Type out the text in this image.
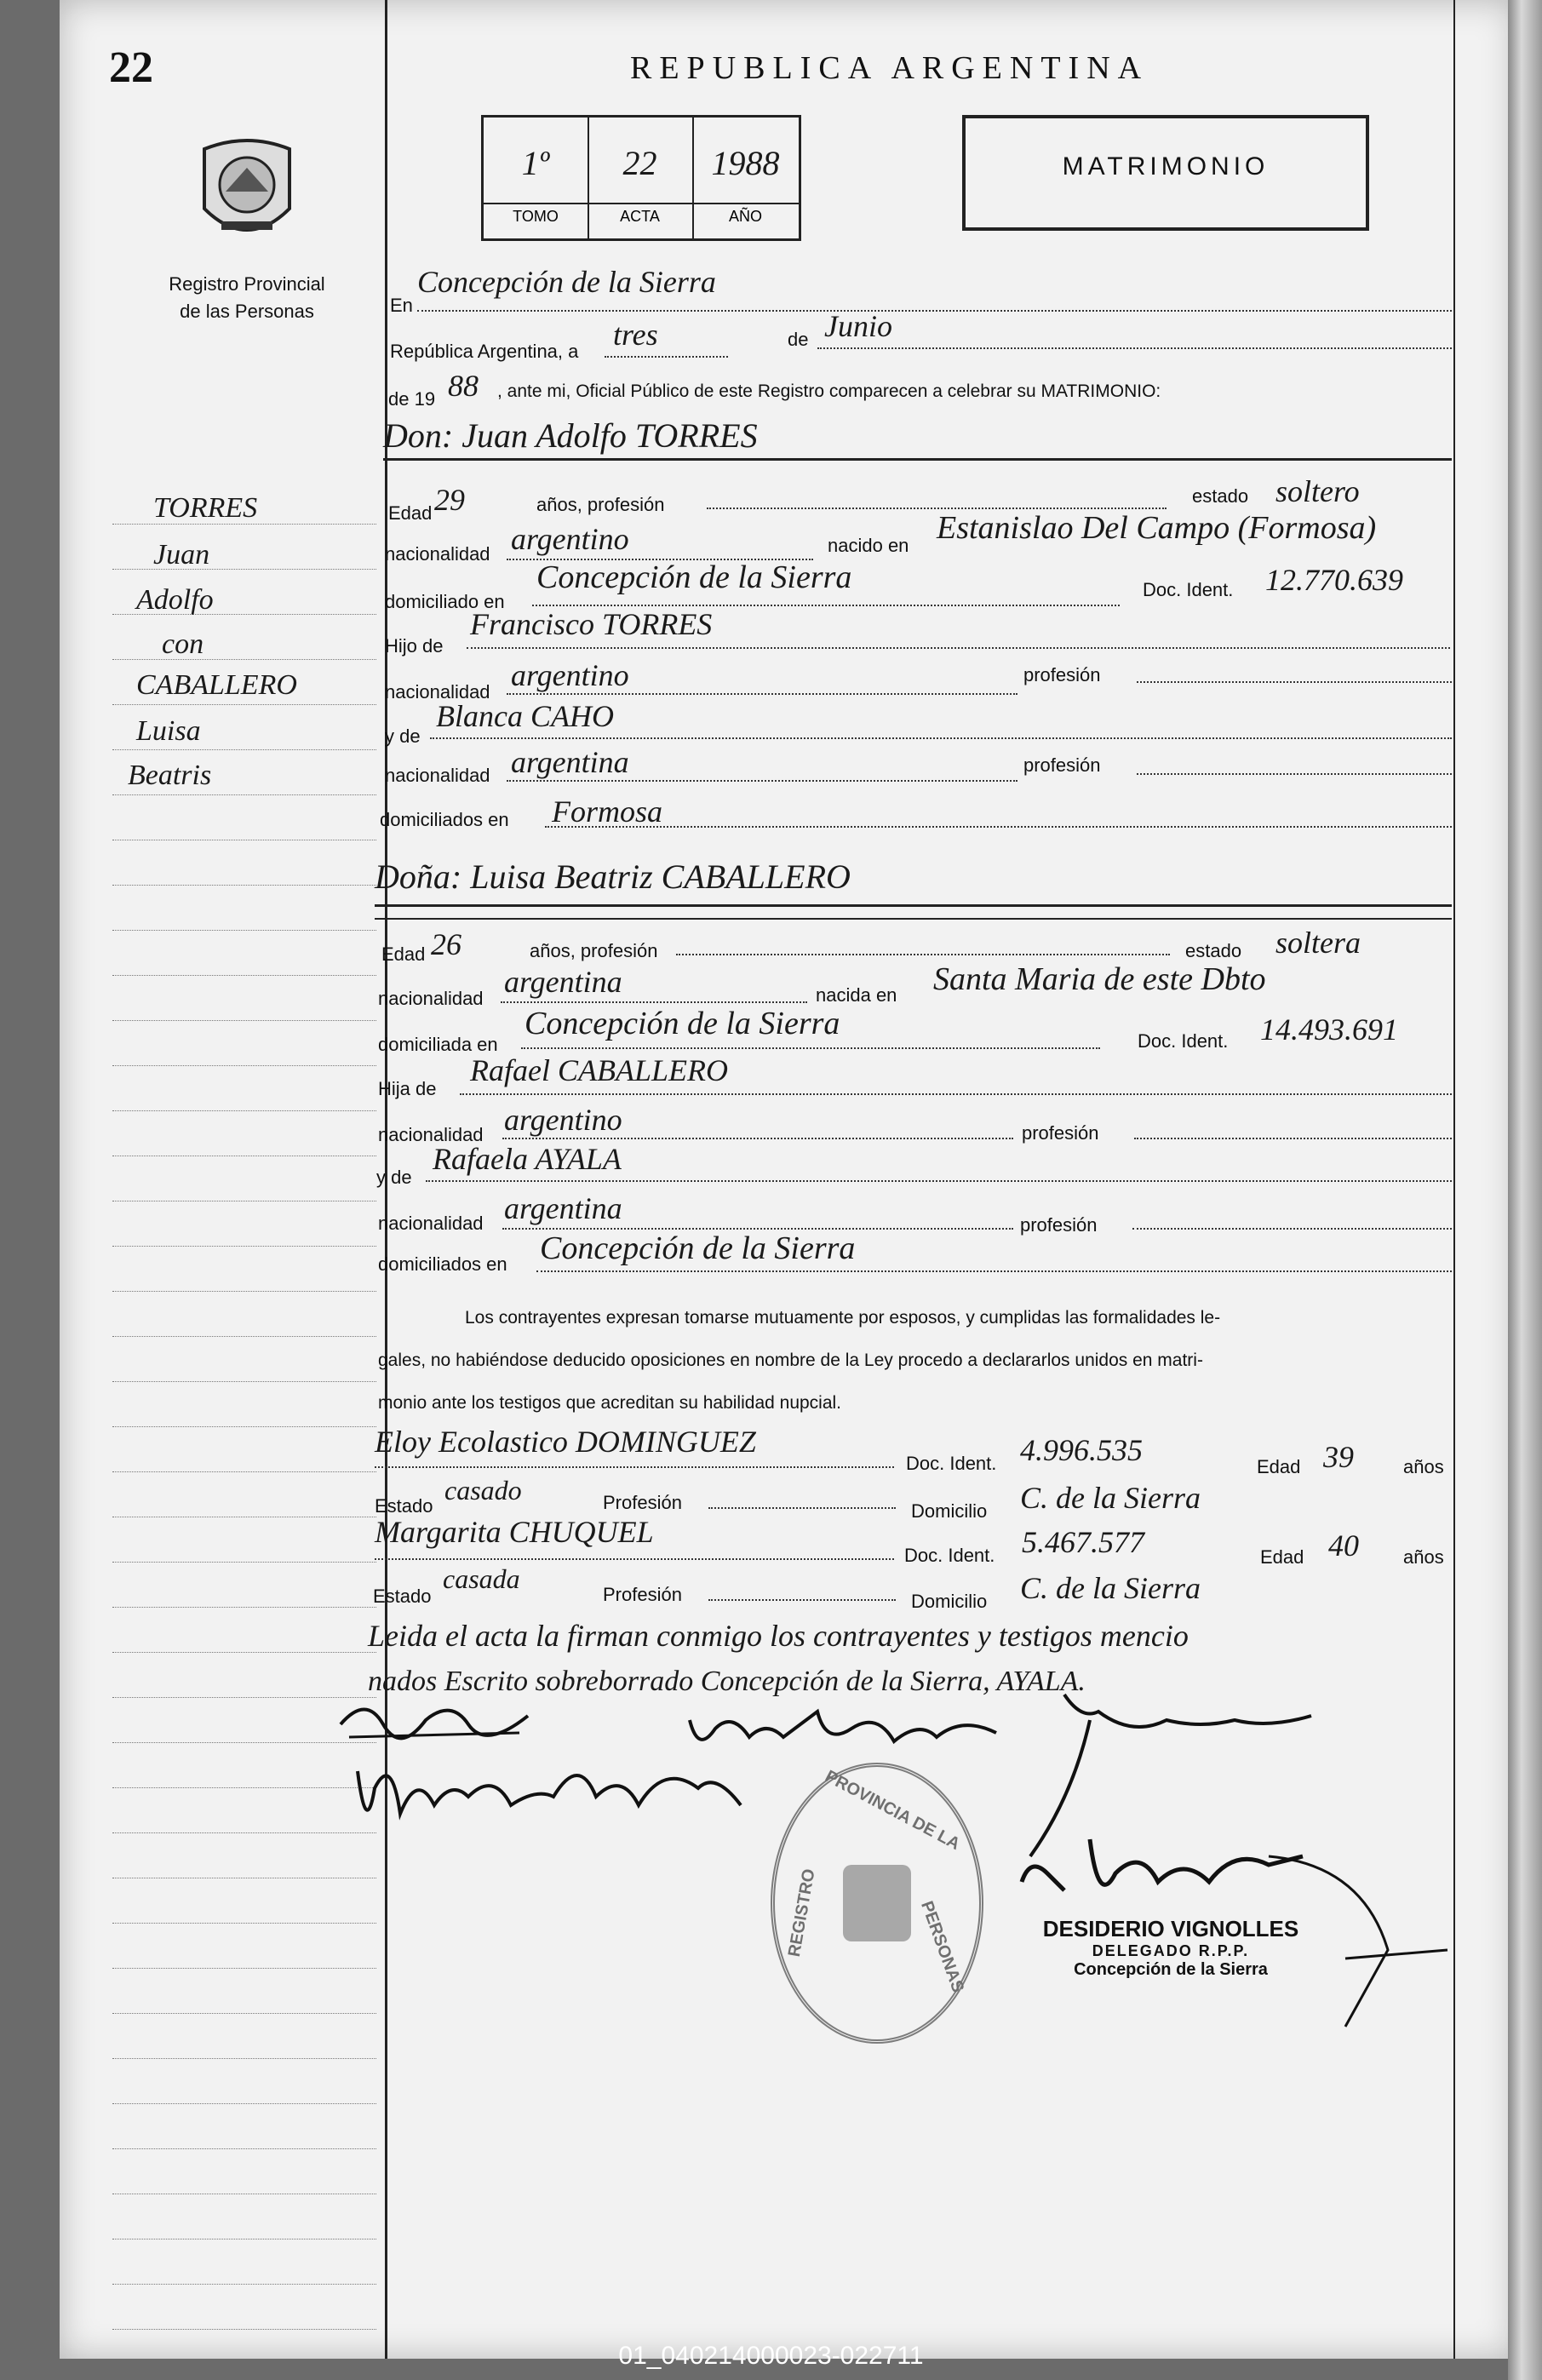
22
Registro Provincial
de las Personas
TORRES
Juan
Adolfo
con
CABALLERO
Luisa
Beatris
REPUBLICA ARGENTINA
1º
TOMO
22
ACTA
1988
AÑO
MATRIMONIO
En
Concepción de la Sierra
República Argentina, a tres	de Junio
de 19 88 , ante mi, Oficial Público de este Registro comparecen a celebrar su MATRIMONIO:
Don: Juan Adolfo TORRES
Edad 29	años, profesión	estado soltero
nacionalidad argentino	nacido en Estanislao Del Campo (Formosa)
domiciliado en
Concepción de la Sierra	Doc. Ident. 12.770.639
Hijo de
Francisco TORRES
nacionalidad argentino	profesión
y de
Blanca CAHO
nacionalidad argentina	profesión
domiciliados en Formosa
Doña: Luisa Beatriz CABALLERO
Edad 26	años, profesión	estado soltera
nacionalidad argentina	nacida en Santa Maria de este Dbto
domiciliada en
Concepción de la Sierra	Doc. Ident. 14.493.691
Hija de
Rafael CABALLERO
nacionalidad argentino	profesión
y de
Rafaela AYALA
nacionalidad argentina	profesión
domiciliados en Concepción de la Sierra
Los contrayentes expresan tomarse mutuamente por esposos, y cumplidas las formalidades le-
gales, no habiéndose deducido oposiciones en nombre de la Ley procedo a declararlos unidos en matri-
monio ante los testigos que acreditan su habilidad nupcial.
Eloy Ecolastico DOMINGUEZ
Doc. Ident. 4.996.535	Edad 39	años
Estado
casado	Profesión	Domicilio C. de la Sierra
Margarita CHUQUEL
Doc. Ident. 5.467.577	Edad 40 años
Estado
casada
Profesión	Domicilio C. de la Sierra
Leida el acta la firman conmigo los contrayentes y testigos mencio
nados Escrito sobreborrado Concepción de la Sierra, AYALA.
PROVINCIA DE LA
PERSONAS
REGISTRO	DESIDERIO VIGNOLLES
DELEGADO R.P.P.
Concepción de la Sierra
01_040214000023-022711
